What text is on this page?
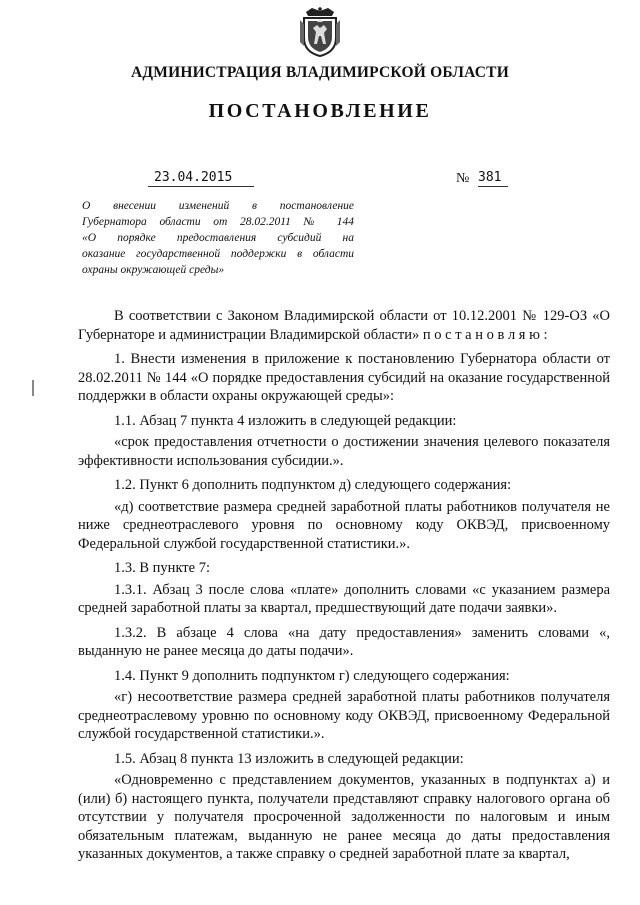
АДМИНИСТРАЦИЯ ВЛАДИМИРСКОЙ ОБЛАСТИ
ПОСТАНОВЛЕНИЕ
23.04.2015	№ 381
О внесении изменений в постановление
Губернатора области от 28.02.2011 № 144
«О порядке предоставления субсидий на
оказание государственной поддержки в области
охраны окружающей среды»

В соответствии с Законом Владимирской области от 10.12.2001 № 129-ОЗ «О Губернаторе и администрации Владимирской области» п о с т а н о в л я ю :

1. Внести изменения в приложение к постановлению Губернатора области от 28.02.2011 № 144 «О порядке предоставления субсидий на оказание государственной поддержки в области охраны окружающей среды»:

1.1. Абзац 7 пункта 4 изложить в следующей редакции:

«срок предоставления отчетности о достижении значения целевого показателя эффективности использования субсидии.».

1.2. Пункт 6 дополнить подпунктом д) следующего содержания:

«д) соответствие размера средней заработной платы работников получателя не ниже среднеотраслевого уровня по основному коду ОКВЭД, присвоенному Федеральной службой государственной статистики.».

1.3. В пункте 7:

1.3.1. Абзац 3 после слова «плате» дополнить словами «с указанием размера средней заработной платы за квартал, предшествующий дате подачи заявки».

1.3.2. В абзаце 4 слова «на дату предоставления» заменить словами «, выданную не ранее месяца до даты подачи».

1.4. Пункт 9 дополнить подпунктом г) следующего содержания:

«г) несоответствие размера средней заработной платы работников получателя среднеотраслевому уровню по основному коду ОКВЭД, присвоенному Федеральной службой государственной статистики.».

1.5. Абзац 8 пункта 13 изложить в следующей редакции:

«Одновременно с представлением документов, указанных в подпунктах а) и (или) б) настоящего пункта, получатели представляют справку налогового органа об отсутствии у получателя просроченной задолженности по налоговым и иным обязательным платежам, выданную не ранее месяца до даты предоставления указанных документов, а также справку о средней заработной плате за квартал,
